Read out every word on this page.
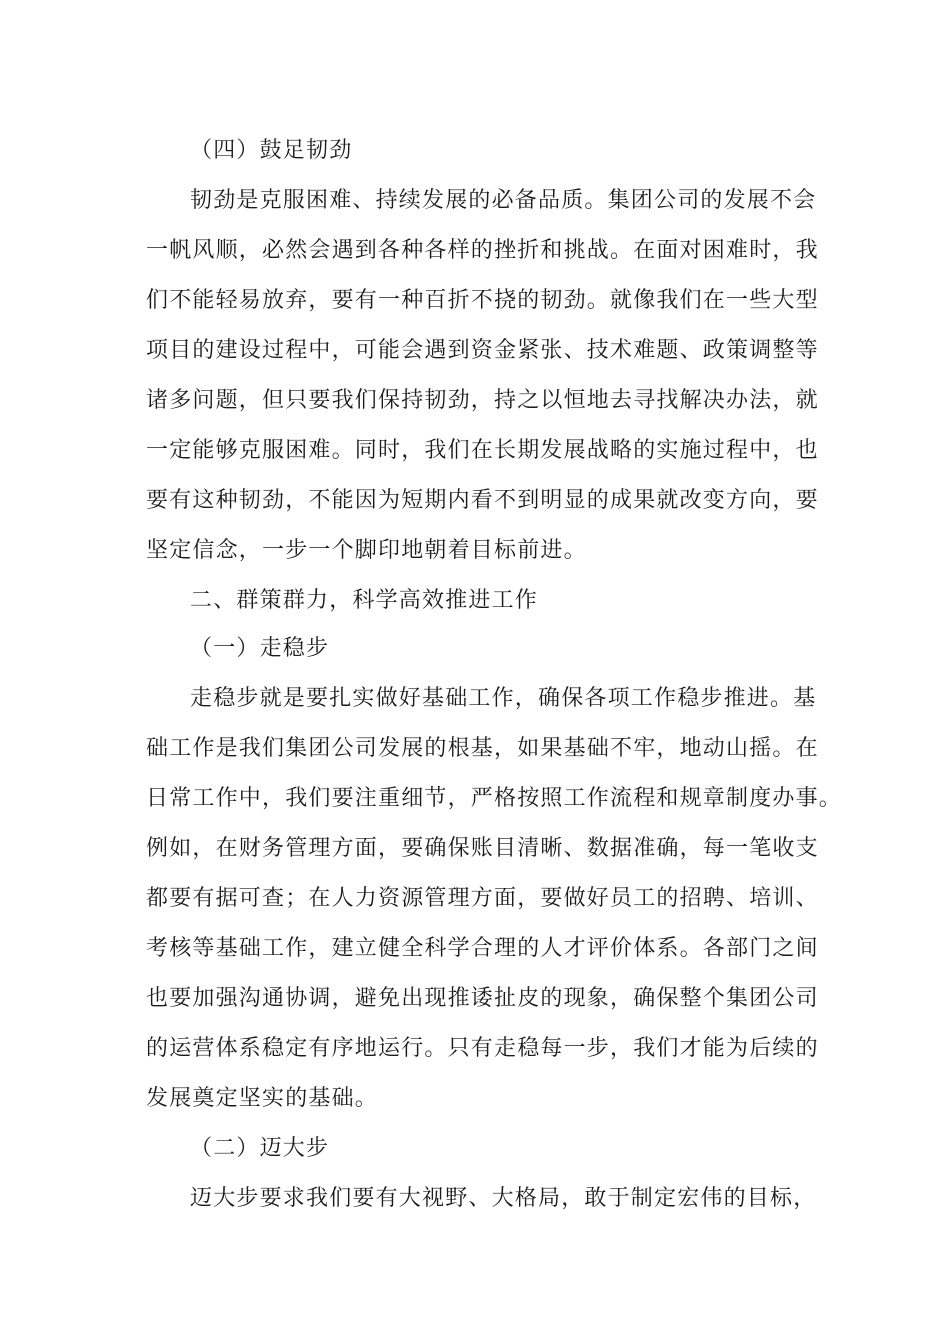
（四）鼓足韧劲
韧劲是克服困难、持续发展的必备品质。集团公司的发展不会
一帆风顺，必然会遇到各种各样的挫折和挑战。在面对困难时，我
们不能轻易放弃，要有一种百折不挠的韧劲。就像我们在一些大型
项目的建设过程中，可能会遇到资金紧张、技术难题、政策调整等
诸多问题，但只要我们保持韧劲，持之以恒地去寻找解决办法，就
一定能够克服困难。同时，我们在长期发展战略的实施过程中，也
要有这种韧劲，不能因为短期内看不到明显的成果就改变方向，要
坚定信念，一步一个脚印地朝着目标前进。
二、群策群力，科学高效推进工作
（一）走稳步
走稳步就是要扎实做好基础工作，确保各项工作稳步推进。基
础工作是我们集团公司发展的根基，如果基础不牢，地动山摇。在
日常工作中，我们要注重细节，严格按照工作流程和规章制度办事。
例如，在财务管理方面，要确保账目清晰、数据准确，每一笔收支
都要有据可查；在人力资源管理方面，要做好员工的招聘、培训、
考核等基础工作，建立健全科学合理的人才评价体系。各部门之间
也要加强沟通协调，避免出现推诿扯皮的现象，确保整个集团公司
的运营体系稳定有序地运行。只有走稳每一步，我们才能为后续的
发展奠定坚实的基础。
（二）迈大步
迈大步要求我们要有大视野、大格局，敢于制定宏伟的目标，
